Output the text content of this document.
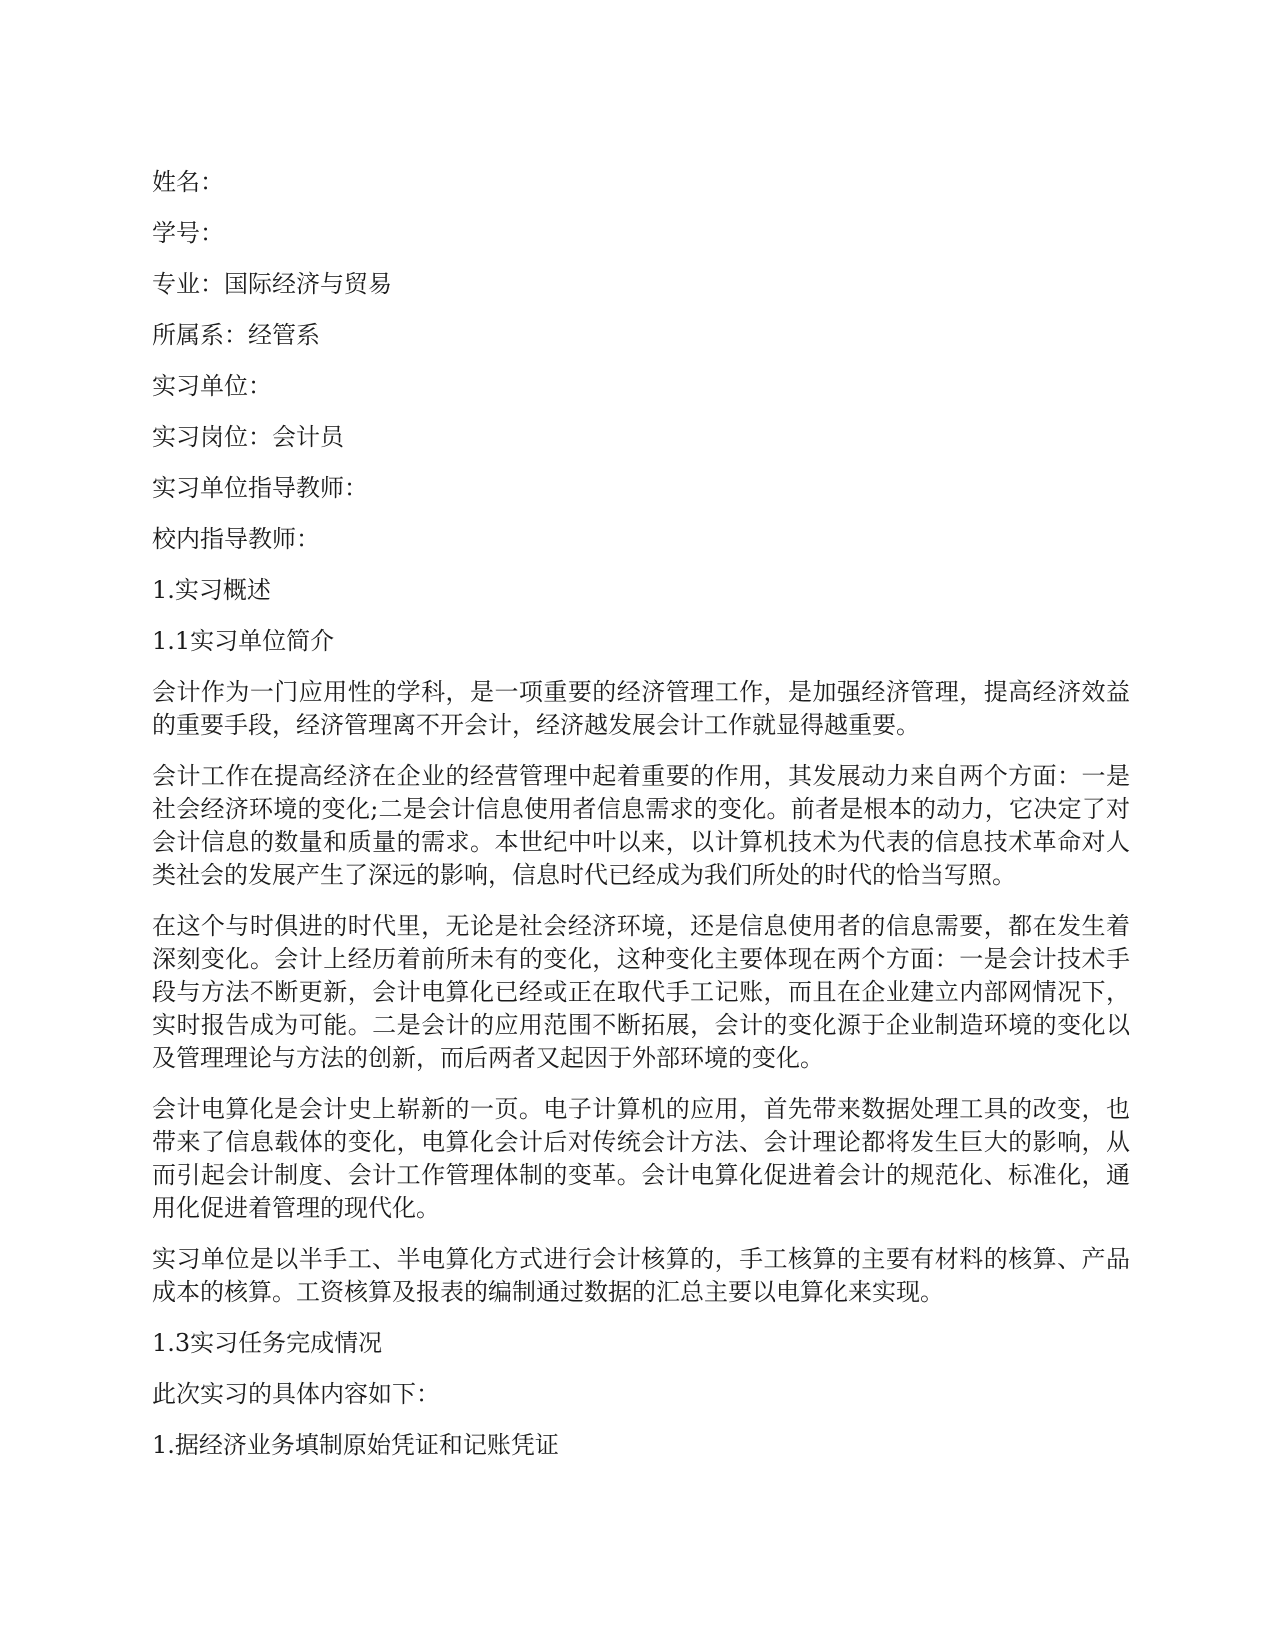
姓名：

学号：

专业：国际经济与贸易

所属系：经管系

实习单位：

实习岗位：会计员

实习单位指导教师：

校内指导教师：

1.实习概述

1.1实习单位简介

会计作为一门应用性的学科，是一项重要的经济管理工作，是加强经济管理，提高经济效益的重要手段，经济管理离不开会计，经济越发展会计工作就显得越重要。

会计工作在提高经济在企业的经营管理中起着重要的作用，其发展动力来自两个方面：一是社会经济环境的变化;二是会计信息使用者信息需求的变化。前者是根本的动力，它决定了对会计信息的数量和质量的需求。本世纪中叶以来，以计算机技术为代表的信息技术革命对人类社会的发展产生了深远的影响，信息时代已经成为我们所处的时代的恰当写照。

在这个与时俱进的时代里，无论是社会经济环境，还是信息使用者的信息需要，都在发生着深刻变化。会计上经历着前所未有的变化，这种变化主要体现在两个方面：一是会计技术手段与方法不断更新，会计电算化已经或正在取代手工记账，而且在企业建立内部网情况下，实时报告成为可能。二是会计的应用范围不断拓展，会计的变化源于企业制造环境的变化以及管理理论与方法的创新，而后两者又起因于外部环境的变化。

会计电算化是会计史上崭新的一页。电子计算机的应用，首先带来数据处理工具的改变，也带来了信息载体的变化，电算化会计后对传统会计方法、会计理论都将发生巨大的影响，从而引起会计制度、会计工作管理体制的变革。会计电算化促进着会计的规范化、标准化，通用化促进着管理的现代化。

实习单位是以半手工、半电算化方式进行会计核算的，手工核算的主要有材料的核算、产品成本的核算。工资核算及报表的编制通过数据的汇总主要以电算化来实现。

1.3实习任务完成情况

此次实习的具体内容如下：

1.据经济业务填制原始凭证和记账凭证
